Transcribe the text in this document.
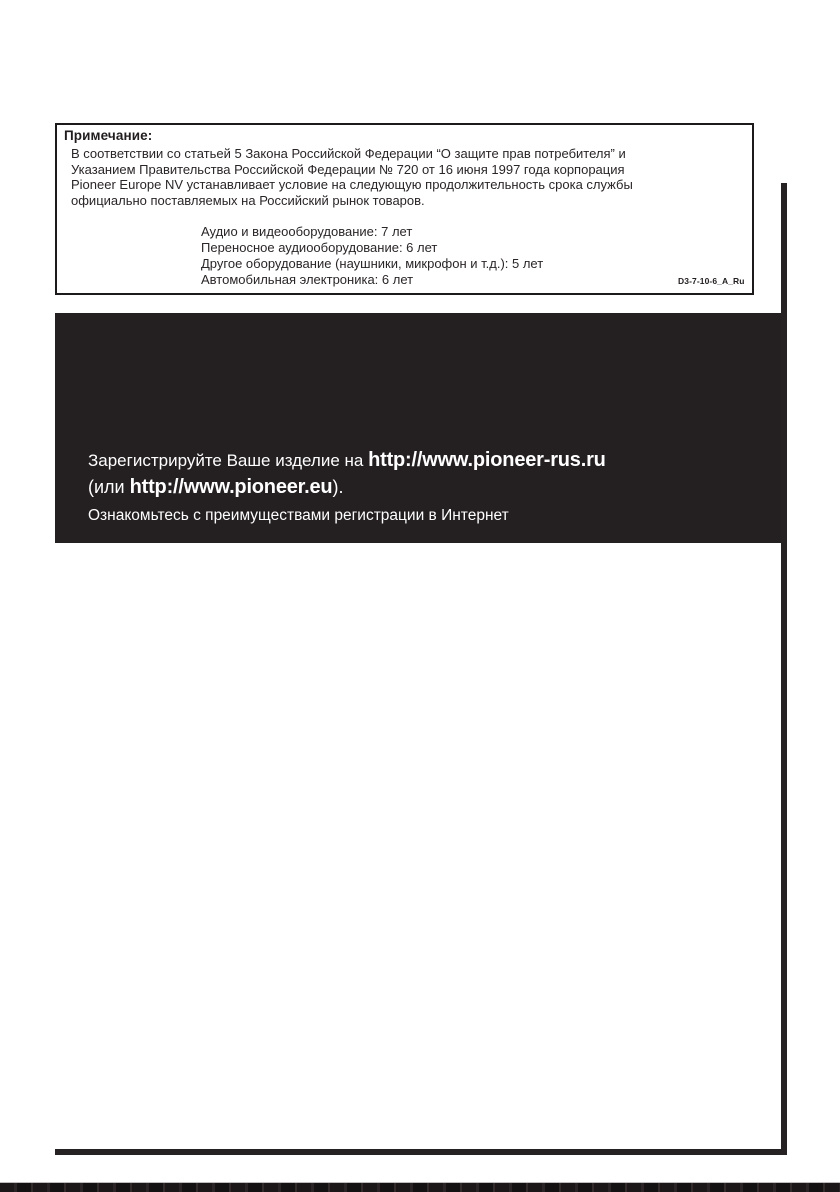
Примечание:
В соответствии со статьей 5 Закона Российской Федерации “О защите прав потребителя” и
Указанием Правительства Российской Федерации № 720 от 16 июня 1997 года корпорация
Pioneer Europe NV устанавливает условие на следующую продолжительность срока службы
официально поставляемых на Российский рынок товаров.
Аудио и видеооборудование: 7 лет
Переносное аудиооборудование: 6 лет
Другое оборудование (наушники, микрофон и т.д.): 5 лет
Автомобильная электроника: 6 лет	D3-7-10-6_A_Ru
Зарегистрируйте Ваше изделие на http://www.pioneer-rus.ru
(или http://www.pioneer.eu).
Ознакомьтесь с преимуществами регистрации в Интернет
